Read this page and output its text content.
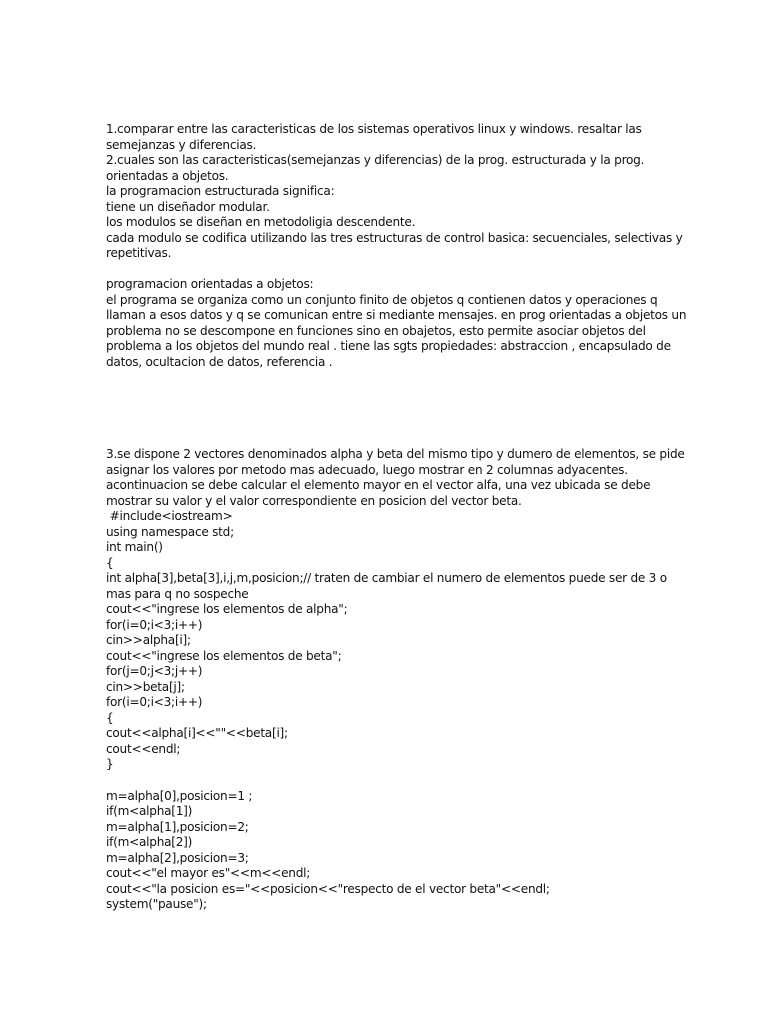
1.comparar entre las caracteristicas de los sistemas operativos linux y windows. resaltar las
semejanzas y diferencias.
2.cuales son las caracteristicas(semejanzas y diferencias) de la prog. estructurada y la prog.
orientadas a objetos.
la programacion estructurada significa:
tiene un diseñador modular.
los modulos se diseñan en metodoligia descendente.
cada modulo se codifica utilizando las tres estructuras de control basica: secuenciales, selectivas y
repetitivas.
programacion orientadas a objetos:
el programa se organiza como un conjunto finito de objetos q contienen datos y operaciones q
llaman a esos datos y q se comunican entre si mediante mensajes. en prog orientadas a objetos un
problema no se descompone en funciones sino en obajetos, esto permite asociar objetos del
problema a los objetos del mundo real . tiene las sgts propiedades: abstraccion , encapsulado de
datos, ocultacion de datos, referencia .
3.se dispone 2 vectores denominados alpha y beta del mismo tipo y dumero de elementos, se pide
asignar los valores por metodo mas adecuado, luego mostrar en 2 columnas adyacentes.
acontinuacion se debe calcular el elemento mayor en el vector alfa, una vez ubicada se debe
mostrar su valor y el valor correspondiente en posicion del vector beta.
#include<iostream>
using namespace std;
int main()
{
int alpha[3],beta[3],i,j,m,posicion;// traten de cambiar el numero de elementos puede ser de 3 o
mas para q no sospeche
cout<<"ingrese los elementos de alpha";
for(i=0;i<3;i++)
cin>>alpha[i];
cout<<"ingrese los elementos de beta";
for(j=0;j<3;j++)
cin>>beta[j];
for(i=0;i<3;i++)
{
cout<<alpha[i]<<""<<beta[i];
cout<<endl;
}
m=alpha[0],posicion=1 ;
if(m<alpha[1])
m=alpha[1],posicion=2;
if(m<alpha[2])
m=alpha[2],posicion=3;
cout<<"el mayor es"<<m<<endl;
cout<<"la posicion es="<<posicion<<"respecto de el vector beta"<<endl;
system("pause");
